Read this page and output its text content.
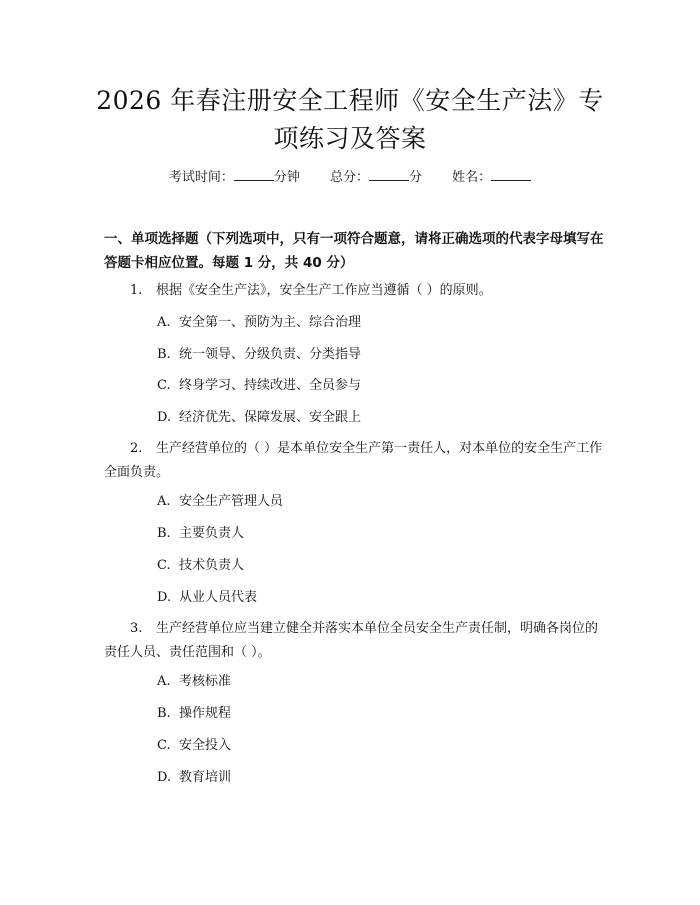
2026 年春注册安全工程师《安全生产法》专
项练习及答案
考试时间：	分钟 总分：	分 姓名：
一、单项选择题（下列选项中，只有一项符合题意，请将正确选项的代表字母填写在答题卡相应位置。每题 1 分，共 40 分）
1. 根据《安全生产法》，安全生产工作应当遵循（ ）的原则。
A. 安全第一、预防为主、综合治理
B. 统一领导、分级负责、分类指导
C. 终身学习、持续改进、全员参与
D. 经济优先、保障发展、安全跟上
2. 生产经营单位的（ ）是本单位安全生产第一责任人，对本单位的安全生产工作全面负责。
A. 安全生产管理人员
B. 主要负责人
C. 技术负责人
D. 从业人员代表
3. 生产经营单位应当建立健全并落实本单位全员安全生产责任制，明确各岗位的责任人员、责任范围和（ ）。
A. 考核标准
B. 操作规程
C. 安全投入
D. 教育培训
